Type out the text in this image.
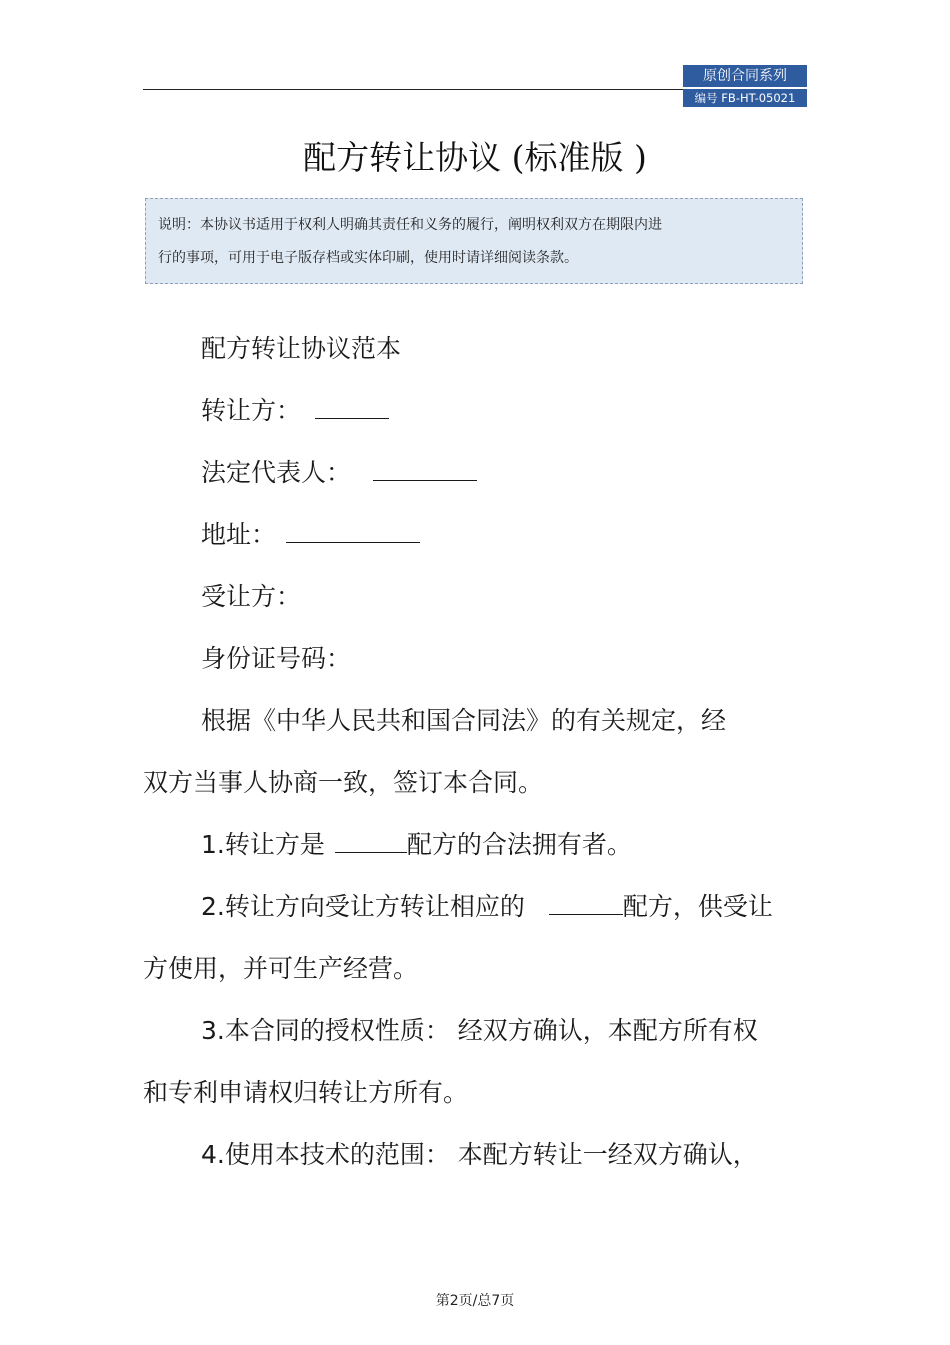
原创合同系列
编号 FB-HT-05021
配方转让协议 (标准版 )
说明：本协议书适用于权利人明确其责任和义务的履行，阐明权利双方在期限内进
行的事项，可用于电子版存档或实体印刷，使用时请详细阅读条款。
配方转让协议范本
转让方：
法定代表人：
地址：
受让方：
身份证号码：
根据《中华人民共和国合同法》的有关规定，经
双方当事人协商一致，签订本合同。
1.转让方是	配方的合法拥有者。
2.转让方向受让方转让相应的	配方，供受让
方使用，并可生产经营。
3.本合同的授权性质： 经双方确认，本配方所有权
和专利申请权归转让方所有。
4.使用本技术的范围： 本配方转让一经双方确认，
第2页/总7页
